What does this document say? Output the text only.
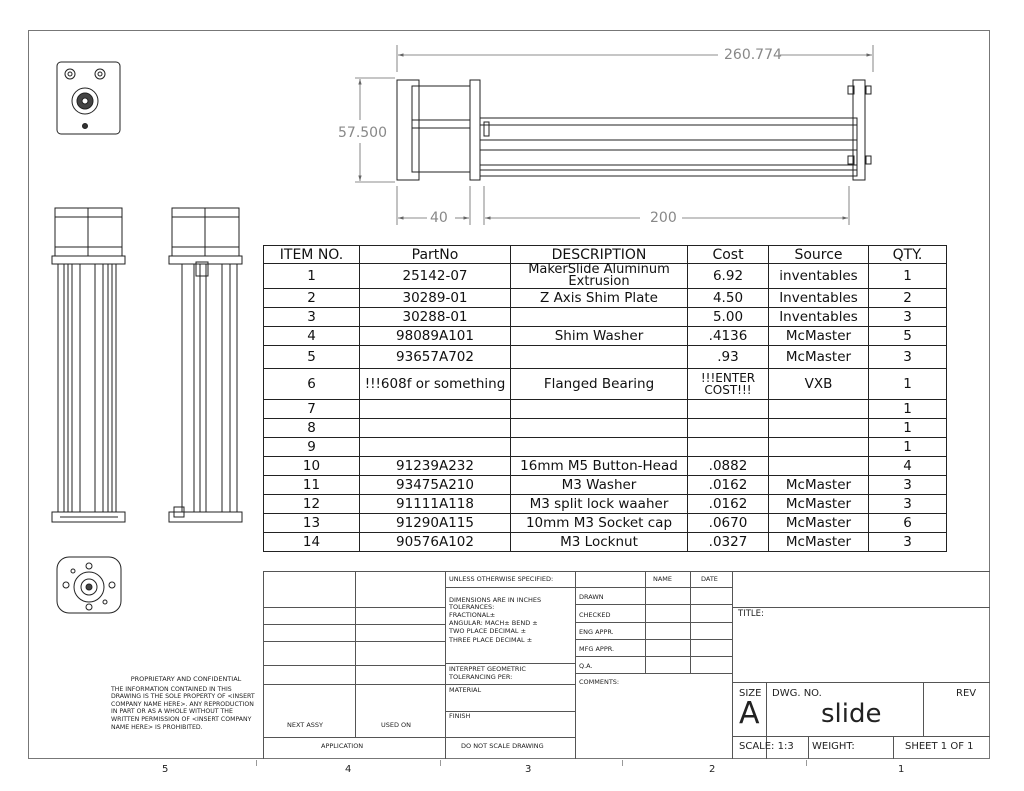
260.774
57.500
40	200
ITEM NO.	PartNo	DESCRIPTION	Cost	Source	QTY.
1	25142-07	MakerSlide Aluminum Extrusion	6.92	inventables	1
2	30289-01	Z Axis Shim Plate	4.50	Inventables	2
3	30288-01		5.00	Inventables	3
4	98089A101	Shim Washer	.4136	McMaster	5
5	93657A702		.93	McMaster	3
6	!!!608f or something	Flanged Bearing	!!!ENTER COST!!!	VXB	1
7					1
8					1
9					1
10	91239A232	16mm M5 Button-Head	.0882		4
11	93475A210	M3 Washer	.0162	McMaster	3
12	91111A118	M3 split lock waaher	.0162	McMaster	3
13	91290A115	10mm M3 Socket cap	.0670	McMaster	6
14	90576A102	M3 Locknut	.0327	McMaster	3
UNLESS OTHERWISE SPECIFIED:
DIMENSIONS ARE IN INCHES
TOLERANCES:
FRACTIONAL±
ANGULAR: MACH± BEND ±
TWO PLACE DECIMAL ±
THREE PLACE DECIMAL ±
INTERPRET GEOMETRIC
TOLERANCING PER:
MATERIAL
FINISH
DO NOT SCALE DRAWING
NEXT ASSY	USED ON
APPLICATION
NAME	DATE
DRAWN
CHECKED
ENG APPR.
MFG APPR.
Q.A.
COMMENTS:
TITLE:
SIZE
A
DWG. NO.
slide
REV
SCALE: 1:3 WEIGHT:	SHEET 1 OF 1
PROPRIETARY AND CONFIDENTIAL
THE INFORMATION CONTAINED IN THIS DRAWING IS THE SOLE PROPERTY OF <INSERT COMPANY NAME HERE>. ANY REPRODUCTION IN PART OR AS A WHOLE WITHOUT THE WRITTEN PERMISSION OF <INSERT COMPANY NAME HERE> IS PROHIBITED.
5	4	3	2	1
